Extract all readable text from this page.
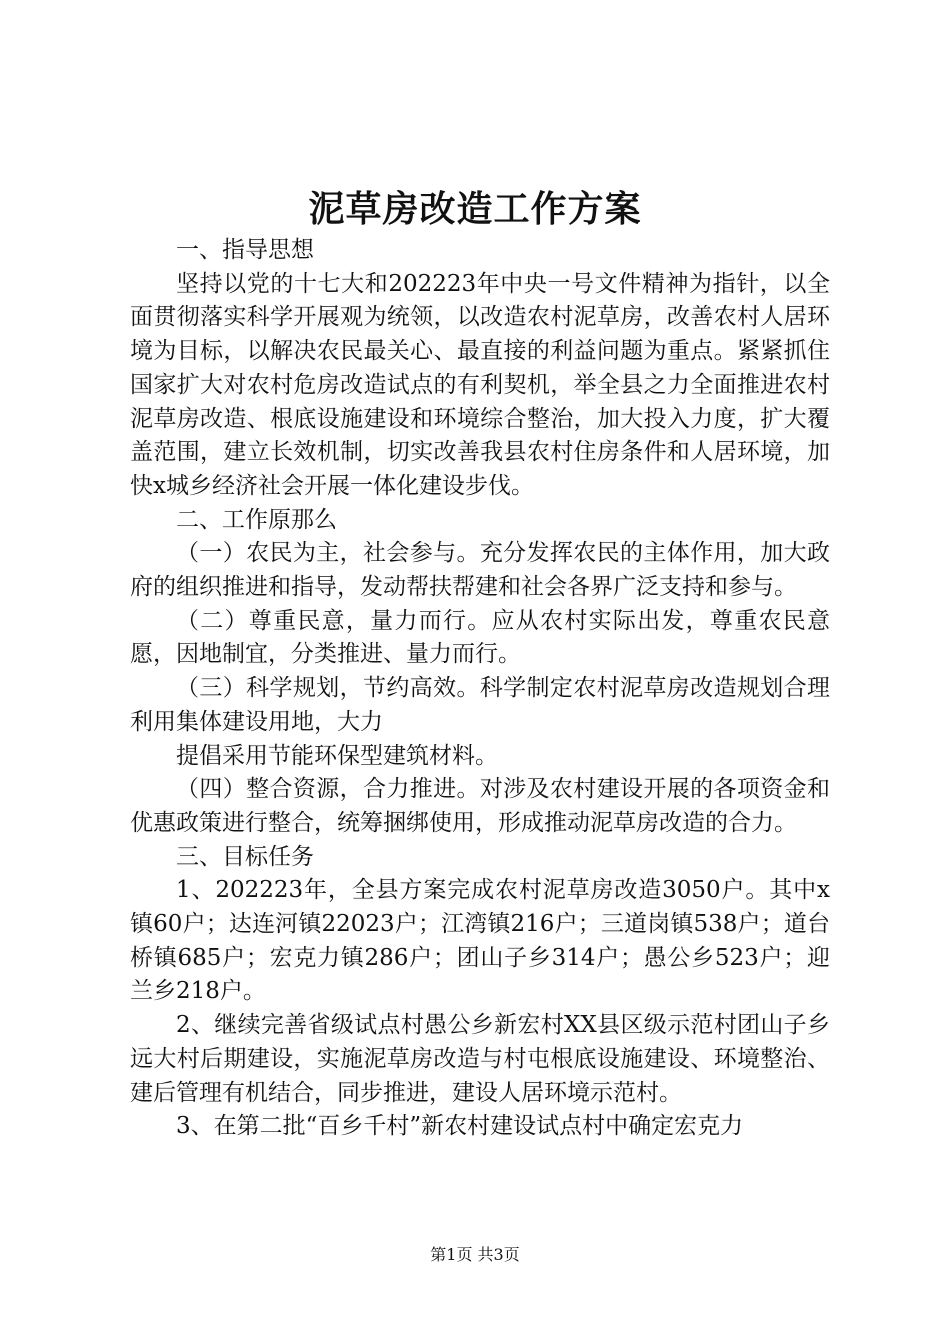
泥草房改造工作方案

一、指导思想

坚持以党的十七大和202223年中央一号文件精神为指针，以全面贯彻落实科学开展观为统领，以改造农村泥草房，改善农村人居环境为目标，以解决农民最关心、最直接的利益问题为重点。紧紧抓住国家扩大对农村危房改造试点的有利契机，举全县之力全面推进农村泥草房改造、根底设施建设和环境综合整治，加大投入力度，扩大覆盖范围，建立长效机制，切实改善我县农村住房条件和人居环境，加快x城乡经济社会开展一体化建设步伐。

二、工作原那么

（一）农民为主，社会参与。充分发挥农民的主体作用，加大政府的组织推进和指导，发动帮扶帮建和社会各界广泛支持和参与。

（二）尊重民意，量力而行。应从农村实际出发，尊重农民意愿，因地制宜，分类推进、量力而行。

（三）科学规划，节约高效。科学制定农村泥草房改造规划合理利用集体建设用地，大力

提倡采用节能环保型建筑材料。

（四）整合资源，合力推进。对涉及农村建设开展的各项资金和优惠政策进行整合，统筹捆绑使用，形成推动泥草房改造的合力。

三、目标任务

1、202223年，全县方案完成农村泥草房改造3050户。其中x镇60户；达连河镇22023户；江湾镇216户；三道岗镇538户；道台桥镇685户；宏克力镇286户；团山子乡314户；愚公乡523户；迎兰乡218户。

2、继续完善省级试点村愚公乡新宏村XX县区级示范村团山子乡远大村后期建设，实施泥草房改造与村屯根底设施建设、环境整治、建后管理有机结合，同步推进，建设人居环境示范村。

3、在第二批“百乡千村”新农村建设试点村中确定宏克力

第1页 共3页
